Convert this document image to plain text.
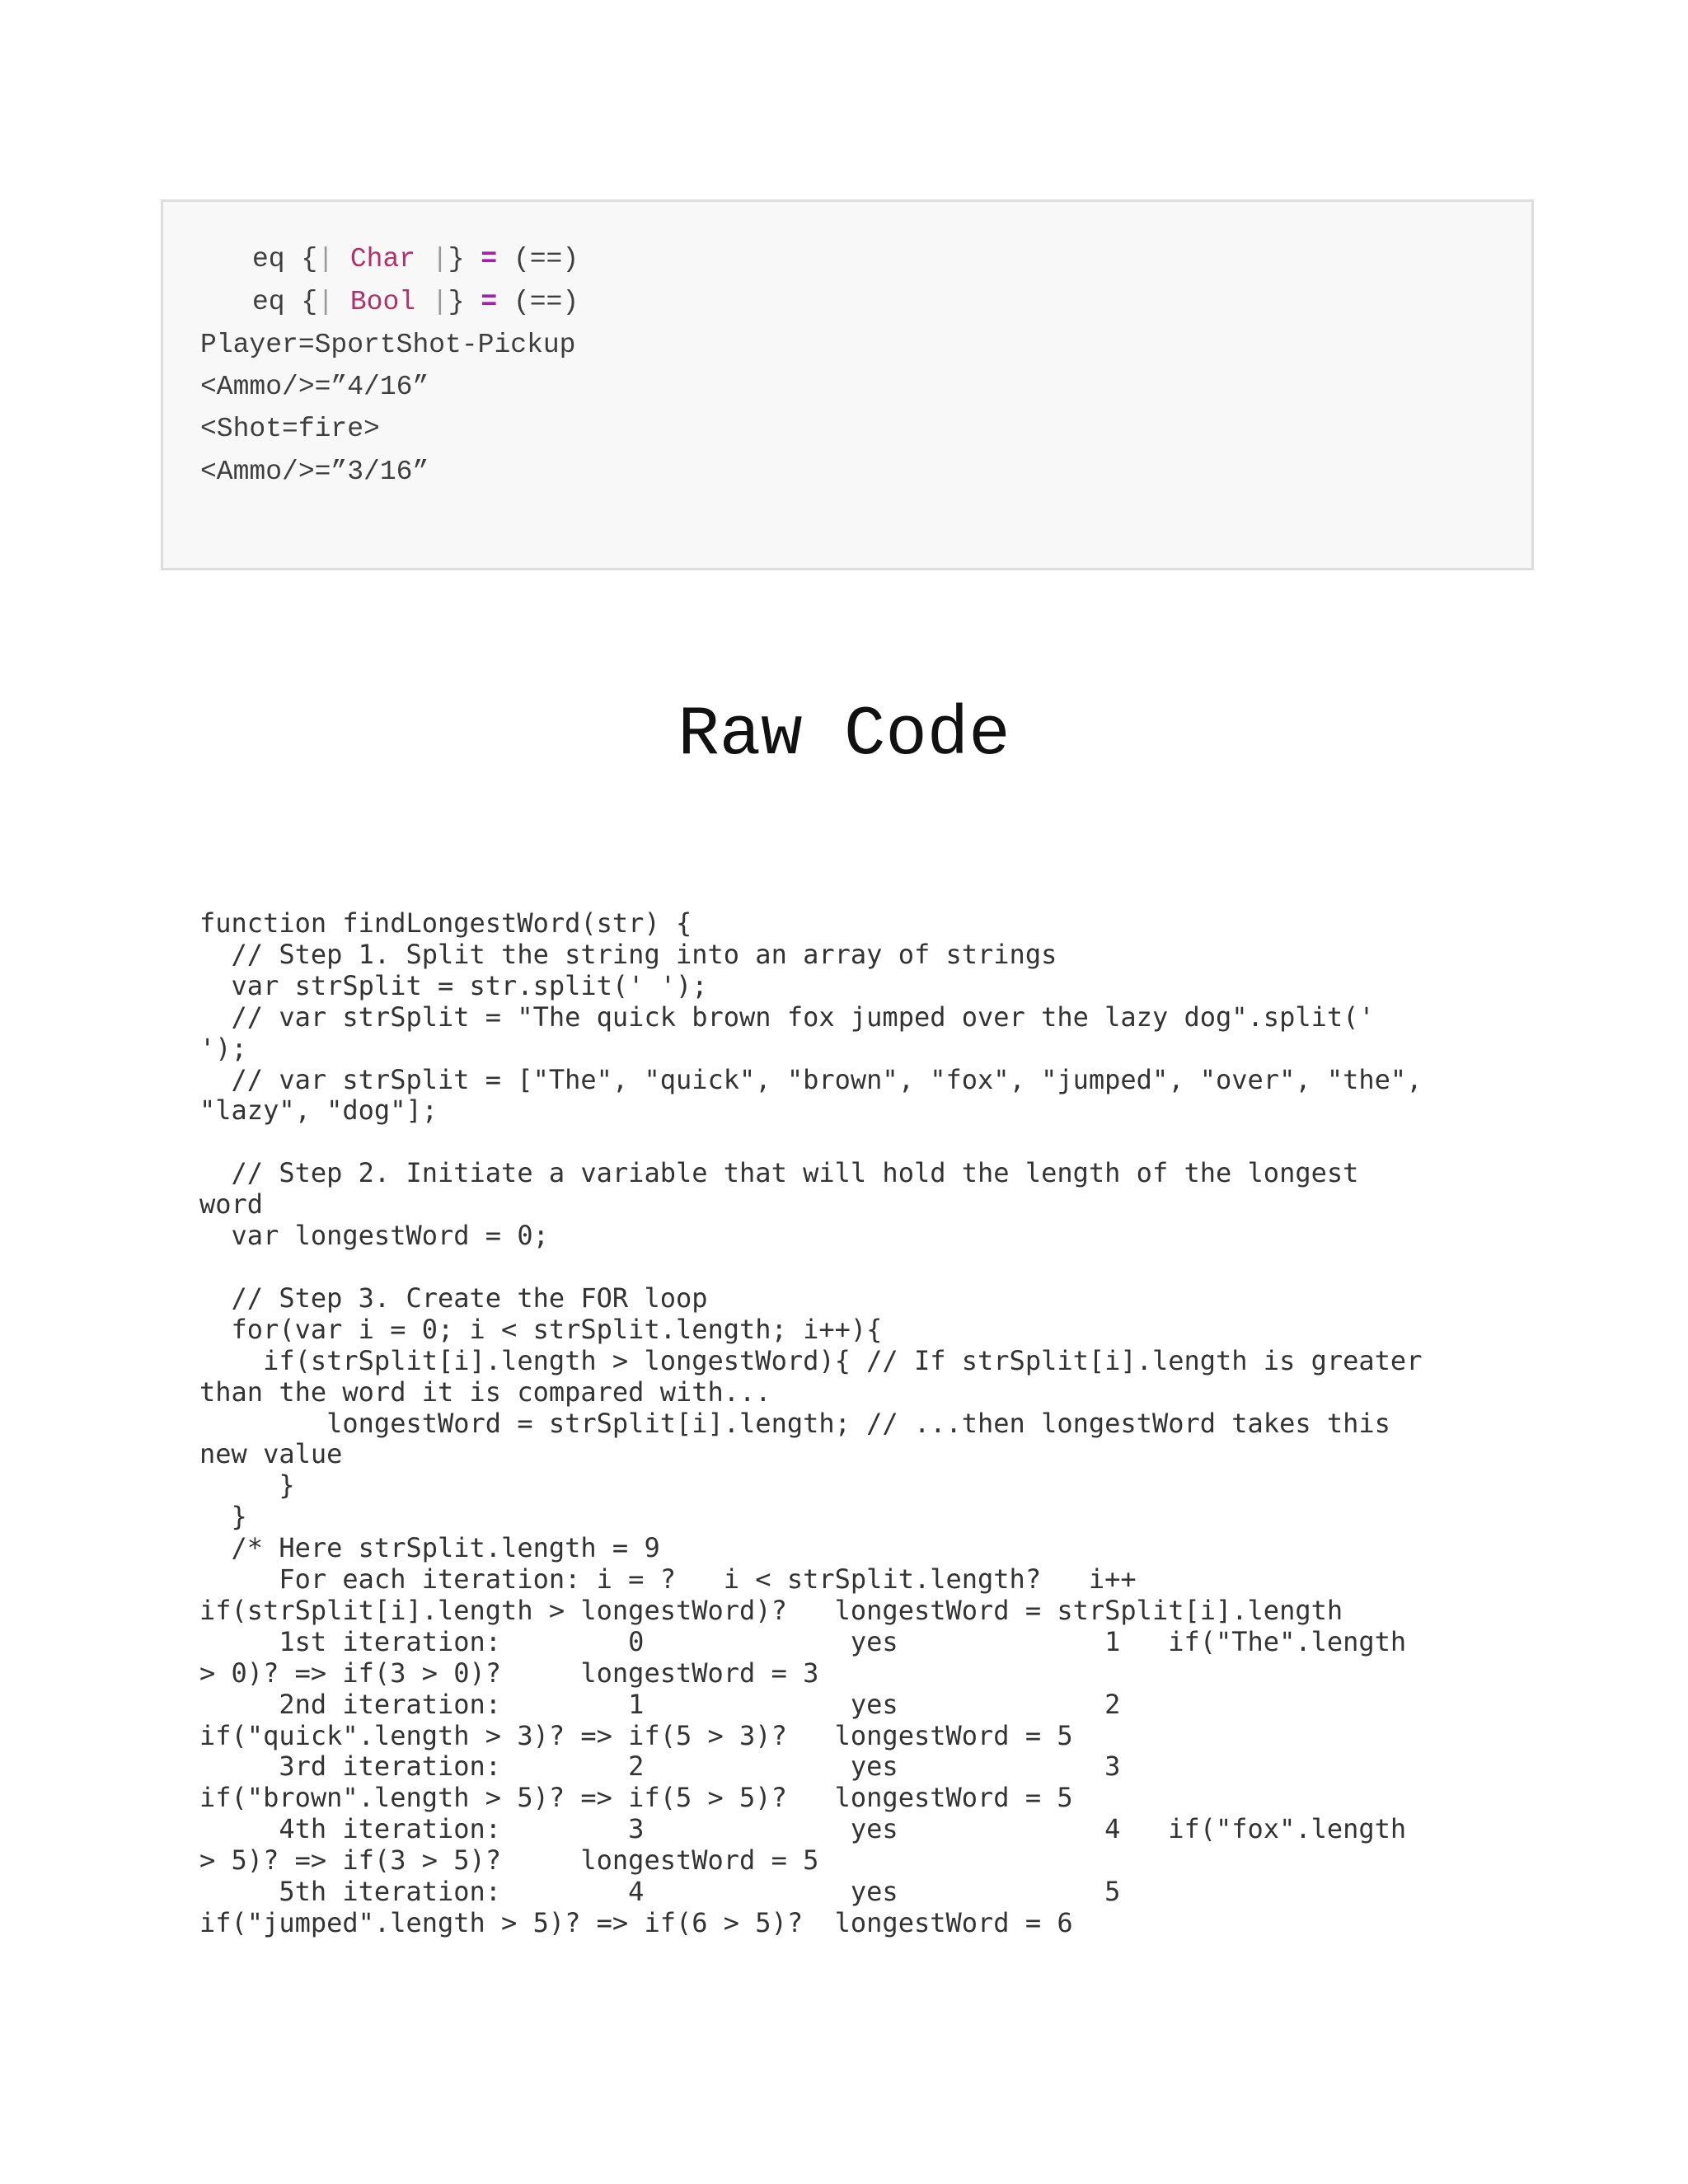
eq {| Char |} = (==)
eq {| Bool |} = (==)
Player=SportShot-Pickup
<Ammo/>=”4/16”
<Shot=fire>
<Ammo/>=”3/16”
Raw Code
function findLongestWord(str) {
// Step 1. Split the string into an array of strings
var strSplit = str.split(' ');
// var strSplit = "The quick brown fox jumped over the lazy dog".split('
');
// var strSplit = ["The", "quick", "brown", "fox", "jumped", "over", "the",
"lazy", "dog"];

// Step 2. Initiate a variable that will hold the length of the longest
word
var longestWord = 0;

// Step 3. Create the FOR loop
for(var i = 0; i < strSplit.length; i++){
if(strSplit[i].length > longestWord){ // If strSplit[i].length is greater
than the word it is compared with...
longestWord = strSplit[i].length; // ...then longestWord takes this
new value
}
}
/* Here strSplit.length = 9
For each iteration: i = ?   i < strSplit.length?   i++
if(strSplit[i].length > longestWord)?   longestWord = strSplit[i].length
1st iteration:        0             yes             1   if("The".length
> 0)? => if(3 > 0)?     longestWord = 3
2nd iteration:        1             yes             2
if("quick".length > 3)? => if(5 > 3)?   longestWord = 5
3rd iteration:        2             yes             3
if("brown".length > 5)? => if(5 > 5)?   longestWord = 5
4th iteration:        3             yes             4   if("fox".length
> 5)? => if(3 > 5)?     longestWord = 5
5th iteration:        4             yes             5
if("jumped".length > 5)? => if(6 > 5)?  longestWord = 6
